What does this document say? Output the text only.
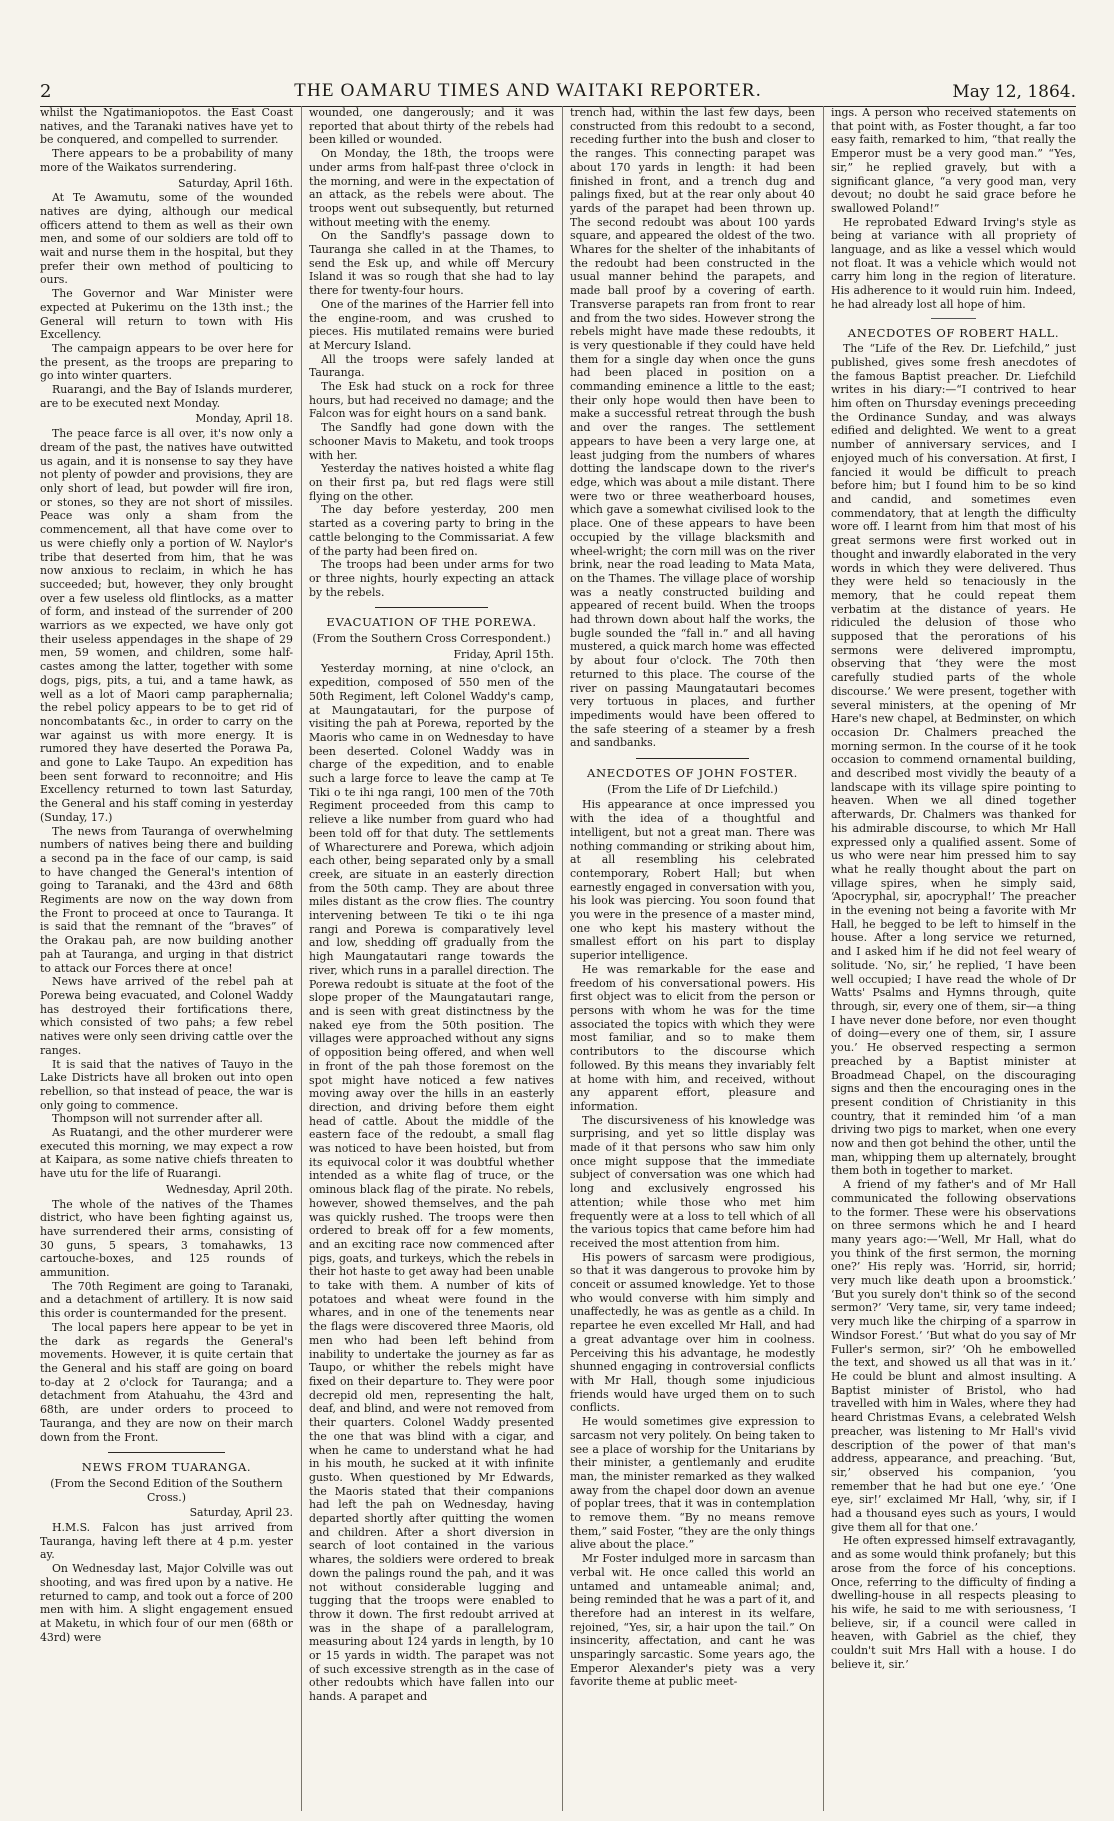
2	THE OAMARU TIMES AND WAITAKI REPORTER.	May 12, 1864.

whilst the Ngatimaniopotos. the East Coast natives, and the Taranaki natives have yet to be conquered, and compelled to surrender.

There appears to be a probability of many more of the Waikatos surrendering.

Saturday, April 16th.

At Te Awamutu, some of the wounded natives are dying, although our medical officers attend to them as well as their own men, and some of our soldiers are told off to wait and nurse them in the hospital, but they prefer their own method of poulticing to ours.

The Governor and War Minister were expected at Pukerimu on the 13th inst.; the General will return to town with His Excellency.

The campaign appears to be over here for the present, as the troops are preparing to go into winter quarters.

Ruarangi, and the Bay of Islands murderer, are to be executed next Monday.

Monday, April 18.

The peace farce is all over, it's now only a dream of the past, the natives have outwitted us again, and it is nonsense to say they have not plenty of powder and provisions, they are only short of lead, but powder will fire iron, or stones, so they are not short of missiles. Peace was only a sham from the commencement, all that have come over to us were chiefly only a portion of W. Naylor's tribe that deserted from him, that he was now anxious to reclaim, in which he has succeeded; but, however, they only brought over a few useless old flintlocks, as a matter of form, and instead of the surrender of 200 warriors as we expected, we have only got their useless appendages in the shape of 29 men, 59 women, and children, some half-castes among the latter, together with some dogs, pigs, pits, a tui, and a tame hawk, as well as a lot of Maori camp paraphernalia; the rebel policy appears to be to get rid of noncombatants &c., in order to carry on the war against us with more energy. It is rumored they have deserted the Porawa Pa, and gone to Lake Taupo. An expedition has been sent forward to reconnoitre; and His Excellency returned to town last Saturday, the General and his staff coming in yesterday (Sunday, 17.)

The news from Tauranga of overwhelming numbers of natives being there and building a second pa in the face of our camp, is said to have changed the General's intention of going to Taranaki, and the 43rd and 68th Regiments are now on the way down from the Front to proceed at once to Tauranga. It is said that the remnant of the “braves” of the Orakau pah, are now building another pah at Tauranga, and urging in that district to attack our Forces there at once!

News have arrived of the rebel pah at Porewa being evacuated, and Colonel Waddy has destroyed their fortifications there, which consisted of two pahs; a few rebel natives were only seen driving cattle over the ranges.

It is said that the natives of Tauyo in the Lake Districts have all broken out into open rebellion, so that instead of peace, the war is only going to commence.

Thompson will not surrender after all.

As Ruatangi, and the other murderer were executed this morning, we may expect a row at Kaipara, as some native chiefs threaten to have utu for the life of Ruarangi.

Wednesday, April 20th.

The whole of the natives of the Thames district, who have been fighting against us, have surrendered their arms, consisting of 30 guns, 5 spears, 3 tomahawks, 13 cartouche-boxes, and 125 rounds of ammunition.

The 70th Regiment are going to Taranaki, and a detachment of artillery. It is now said this order is countermanded for the present.

The local papers here appear to be yet in the dark as regards the General's movements. However, it is quite certain that the General and his staff are going on board to-day at 2 o'clock for Tauranga; and a detachment from Atahuahu, the 43rd and 68th, are under orders to proceed to Tauranga, and they are now on their march down from the Front.

NEWS FROM TUARANGA.

(From the Second Edition of the Southern Cross.)

Saturday, April 23.

H.M.S. Falcon has just arrived from Tauranga, having left there at 4 p.m. yester ay.

On Wednesday last, Major Colville was out shooting, and was fired upon by a native. He returned to camp, and took out a force of 200 men with him. A slight engagement ensued at Maketu, in which four of our men (68th or 43rd) were

wounded, one dangerously; and it was reported that about thirty of the rebels had been killed or wounded.

On Monday, the 18th, the troops were under arms from half-past three o'clock in the morning, and were in the expectation of an attack, as the rebels were about. The troops went out subsequently, but returned without meeting with the enemy.

On the Sandfly's passage down to Tauranga she called in at the Thames, to send the Esk up, and while off Mercury Island it was so rough that she had to lay there for twenty-four hours.

One of the marines of the Harrier fell into the engine-room, and was crushed to pieces. His mutilated remains were buried at Mercury Island.

All the troops were safely landed at Tauranga.

The Esk had stuck on a rock for three hours, but had received no damage; and the Falcon was for eight hours on a sand bank.

The Sandfly had gone down with the schooner Mavis to Maketu, and took troops with her.

Yesterday the natives hoisted a white flag on their first pa, but red flags were still flying on the other.

The day before yesterday, 200 men started as a covering party to bring in the cattle belonging to the Commissariat. A few of the party had been fired on.

The troops had been under arms for two or three nights, hourly expecting an attack by the rebels.

EVACUATION OF THE POREWA.

(From the Southern Cross Correspondent.)

Friday, April 15th.

Yesterday morning, at nine o'clock, an expedition, composed of 550 men of the 50th Regiment, left Colonel Waddy's camp, at Maungatautari, for the purpose of visiting the pah at Porewa, reported by the Maoris who came in on Wednesday to have been deserted. Colonel Waddy was in charge of the expedition, and to enable such a large force to leave the camp at Te Tiki o te ihi nga rangi, 100 men of the 70th Regiment proceeded from this camp to relieve a like number from guard who had been told off for that duty. The settlements of Wharecturere and Porewa, which adjoin each other, being separated only by a small creek, are situate in an easterly direction from the 50th camp. They are about three miles distant as the crow flies. The country intervening between Te tiki o te ihi nga rangi and Porewa is comparatively level and low, shedding off gradually from the high Maungatautari range towards the river, which runs in a parallel direction. The Porewa redoubt is situate at the foot of the slope proper of the Maungatautari range, and is seen with great distinctness by the naked eye from the 50th position. The villages were approached without any signs of opposition being offered, and when well in front of the pah those foremost on the spot might have noticed a few natives moving away over the hills in an easterly direction, and driving before them eight head of cattle. About the middle of the eastern face of the redoubt, a small flag was noticed to have been hoisted, but from its equivocal color it was doubtful whether intended as a white flag of truce, or the ominous black flag of the pirate. No rebels, however, showed themselves, and the pah was quickly rushed. The troops were then ordered to break off for a few moments, and an exciting race now commenced after pigs, goats, and turkeys, which the rebels in their hot haste to get away had been unable to take with them. A number of kits of potatoes and wheat were found in the whares, and in one of the tenements near the flags were discovered three Maoris, old men who had been left behind from inability to undertake the journey as far as Taupo, or whither the rebels might have fixed on their departure to. They were poor decrepid old men, representing the halt, deaf, and blind, and were not removed from their quarters. Colonel Waddy presented the one that was blind with a cigar, and when he came to understand what he had in his mouth, he sucked at it with infinite gusto. When questioned by Mr Edwards, the Maoris stated that their companions had left the pah on Wednesday, having departed shortly after quitting the women and children. After a short diversion in search of loot contained in the various whares, the soldiers were ordered to break down the palings round the pah, and it was not without considerable lugging and tugging that the troops were enabled to throw it down. The first redoubt arrived at was in the shape of a parallelogram, measuring about 124 yards in length, by 10 or 15 yards in width. The parapet was not of such excessive strength as in the case of other redoubts which have fallen into our hands. A parapet and

trench had, within the last few days, been constructed from this redoubt to a second, receding further into the bush and closer to the ranges. This connecting parapet was about 170 yards in length: it had been finished in front, and a trench dug and palings fixed, but at the rear only about 40 yards of the parapet had been thrown up. The second redoubt was about 100 yards square, and appeared the oldest of the two. Whares for the shelter of the inhabitants of the redoubt had been constructed in the usual manner behind the parapets, and made ball proof by a covering of earth. Transverse parapets ran from front to rear and from the two sides. However strong the rebels might have made these redoubts, it is very questionable if they could have held them for a single day when once the guns had been placed in position on a commanding eminence a little to the east; their only hope would then have been to make a successful retreat through the bush and over the ranges. The settlement appears to have been a very large one, at least judging from the numbers of whares dotting the landscape down to the river's edge, which was about a mile distant. There were two or three weatherboard houses, which gave a somewhat civilised look to the place. One of these appears to have been occupied by the village blacksmith and wheel-wright; the corn mill was on the river brink, near the road leading to Mata Mata, on the Thames. The village place of worship was a neatly constructed building and appeared of recent build. When the troops had thrown down about half the works, the bugle sounded the “fall in.” and all having mustered, a quick march home was effected by about four o'clock. The 70th then returned to this place. The course of the river on passing Maungatautari becomes very tortuous in places, and further impediments would have been offered to the safe steering of a steamer by a fresh and sandbanks.

ANECDOTES OF JOHN FOSTER.

(From the Life of Dr Liefchild.)

His appearance at once impressed you with the idea of a thoughtful and intelligent, but not a great man. There was nothing commanding or striking about him, at all resembling his celebrated contemporary, Robert Hall; but when earnestly engaged in conversation with you, his look was piercing. You soon found that you were in the presence of a master mind, one who kept his mastery without the smallest effort on his part to display superior intelligence.

He was remarkable for the ease and freedom of his conversational powers. His first object was to elicit from the person or persons with whom he was for the time associated the topics with which they were most familiar, and so to make them contributors to the discourse which followed. By this means they invariably felt at home with him, and received, without any apparent effort, pleasure and information.

The discursiveness of his knowledge was surprising, and yet so little display was made of it that persons who saw him only once might suppose that the immediate subject of conversation was one which had long and exclusively engrossed his attention; while those who met him frequently were at a loss to tell which of all the various topics that came before him had received the most attention from him.

His powers of sarcasm were prodigious, so that it was dangerous to provoke him by conceit or assumed knowledge. Yet to those who would converse with him simply and unaffectedly, he was as gentle as a child. In repartee he even excelled Mr Hall, and had a great advantage over him in coolness. Perceiving this his advantage, he modestly shunned engaging in controversial conflicts with Mr Hall, though some injudicious friends would have urged them on to such conflicts.

He would sometimes give expression to sarcasm not very politely. On being taken to see a place of worship for the Unitarians by their minister, a gentlemanly and erudite man, the minister remarked as they walked away from the chapel door down an avenue of poplar trees, that it was in contemplation to remove them. “By no means remove them,” said Foster, “they are the only things alive about the place.”

Mr Foster indulged more in sarcasm than verbal wit. He once called this world an untamed and untameable animal; and, being reminded that he was a part of it, and therefore had an interest in its welfare, rejoined, “Yes, sir, a hair upon the tail.” On insincerity, affectation, and cant he was unsparingly sarcastic. Some years ago, the Emperor Alexander's piety was a very favorite theme at public meet-

ings. A person who received statements on that point with, as Foster thought, a far too easy faith, remarked to him, “that really the Emperor must be a very good man.” “Yes, sir,” he replied gravely, but with a significant glance, “a very good man, very devout; no doubt he said grace before he swallowed Poland!”

He reprobated Edward Irving's style as being at variance with all propriety of language, and as like a vessel which would not float. It was a vehicle which would not carry him long in the region of literature. His adherence to it would ruin him. Indeed, he had already lost all hope of him.

ANECDOTES OF ROBERT HALL.

The “Life of the Rev. Dr. Liefchild,” just published, gives some fresh anecdotes of the famous Baptist preacher. Dr. Liefchild writes in his diary:—“I contrived to hear him often on Thursday evenings preceeding the Ordinance Sunday, and was always edified and delighted. We went to a great number of anniversary services, and I enjoyed much of his conversation. At first, I fancied it would be difficult to preach before him; but I found him to be so kind and candid, and sometimes even commendatory, that at length the difficulty wore off. I learnt from him that most of his great sermons were first worked out in thought and inwardly elaborated in the very words in which they were delivered. Thus they were held so tenaciously in the memory, that he could repeat them verbatim at the distance of years. He ridiculed the delusion of those who supposed that the perorations of his sermons were delivered impromptu, observing that ‘they were the most carefully studied parts of the whole discourse.’ We were present, together with several ministers, at the opening of Mr Hare's new chapel, at Bedminster, on which occasion Dr. Chalmers preached the morning sermon. In the course of it he took occasion to commend ornamental building, and described most vividly the beauty of a landscape with its village spire pointing to heaven. When we all dined together afterwards, Dr. Chalmers was thanked for his admirable discourse, to which Mr Hall expressed only a qualified assent. Some of us who were near him pressed him to say what he really thought about the part on village spires, when he simply said, ‘Apocryphal, sir, apocryphal!’ The preacher in the evening not being a favorite with Mr Hall, he begged to be left to himself in the house. After a long service we returned, and I asked him if he did not feel weary of solitude. ‘No, sir,’ he replied, ‘I have been well occupied; I have read the whole of Dr Watts' Psalms and Hymns through, quite through, sir, every one of them, sir—a thing I have never done before, nor even thought of doing—every one of them, sir, I assure you.’ He observed respecting a sermon preached by a Baptist minister at Broadmead Chapel, on the discouraging signs and then the encouraging ones in the present condition of Christianity in this country, that it reminded him ‘of a man driving two pigs to market, when one every now and then got behind the other, until the man, whipping them up alternately, brought them both in together to market.

A friend of my father's and of Mr Hall communicated the following observations to the former. These were his observations on three sermons which he and I heard many years ago:—‘Well, Mr Hall, what do you think of the first sermon, the morning one?’ His reply was. ‘Horrid, sir, horrid; very much like death upon a broomstick.’ ‘But you surely don't think so of the second sermon?’ ‘Very tame, sir, very tame indeed; very much like the chirping of a sparrow in Windsor Forest.’ ‘But what do you say of Mr Fuller's sermon, sir?’ ‘Oh he embowelled the text, and showed us all that was in it.’ He could be blunt and almost insulting. A Baptist minister of Bristol, who had travelled with him in Wales, where they had heard Christmas Evans, a celebrated Welsh preacher, was listening to Mr Hall's vivid description of the power of that man's address, appearance, and preaching. ‘But, sir,’ observed his companion, ‘you remember that he had but one eye.’ ‘One eye, sir!’ exclaimed Mr Hall, ‘why, sir, if I had a thousand eyes such as yours, I would give them all for that one.’

He often expressed himself extravagantly, and as some would think profanely; but this arose from the force of his conceptions. Once, referring to the difficulty of finding a dwelling-house in all respects pleasing to his wife, he said to me with seriousness, ‘I believe, sir, if a council were called in heaven, with Gabriel as the chief, they couldn't suit Mrs Hall with a house. I do believe it, sir.’
